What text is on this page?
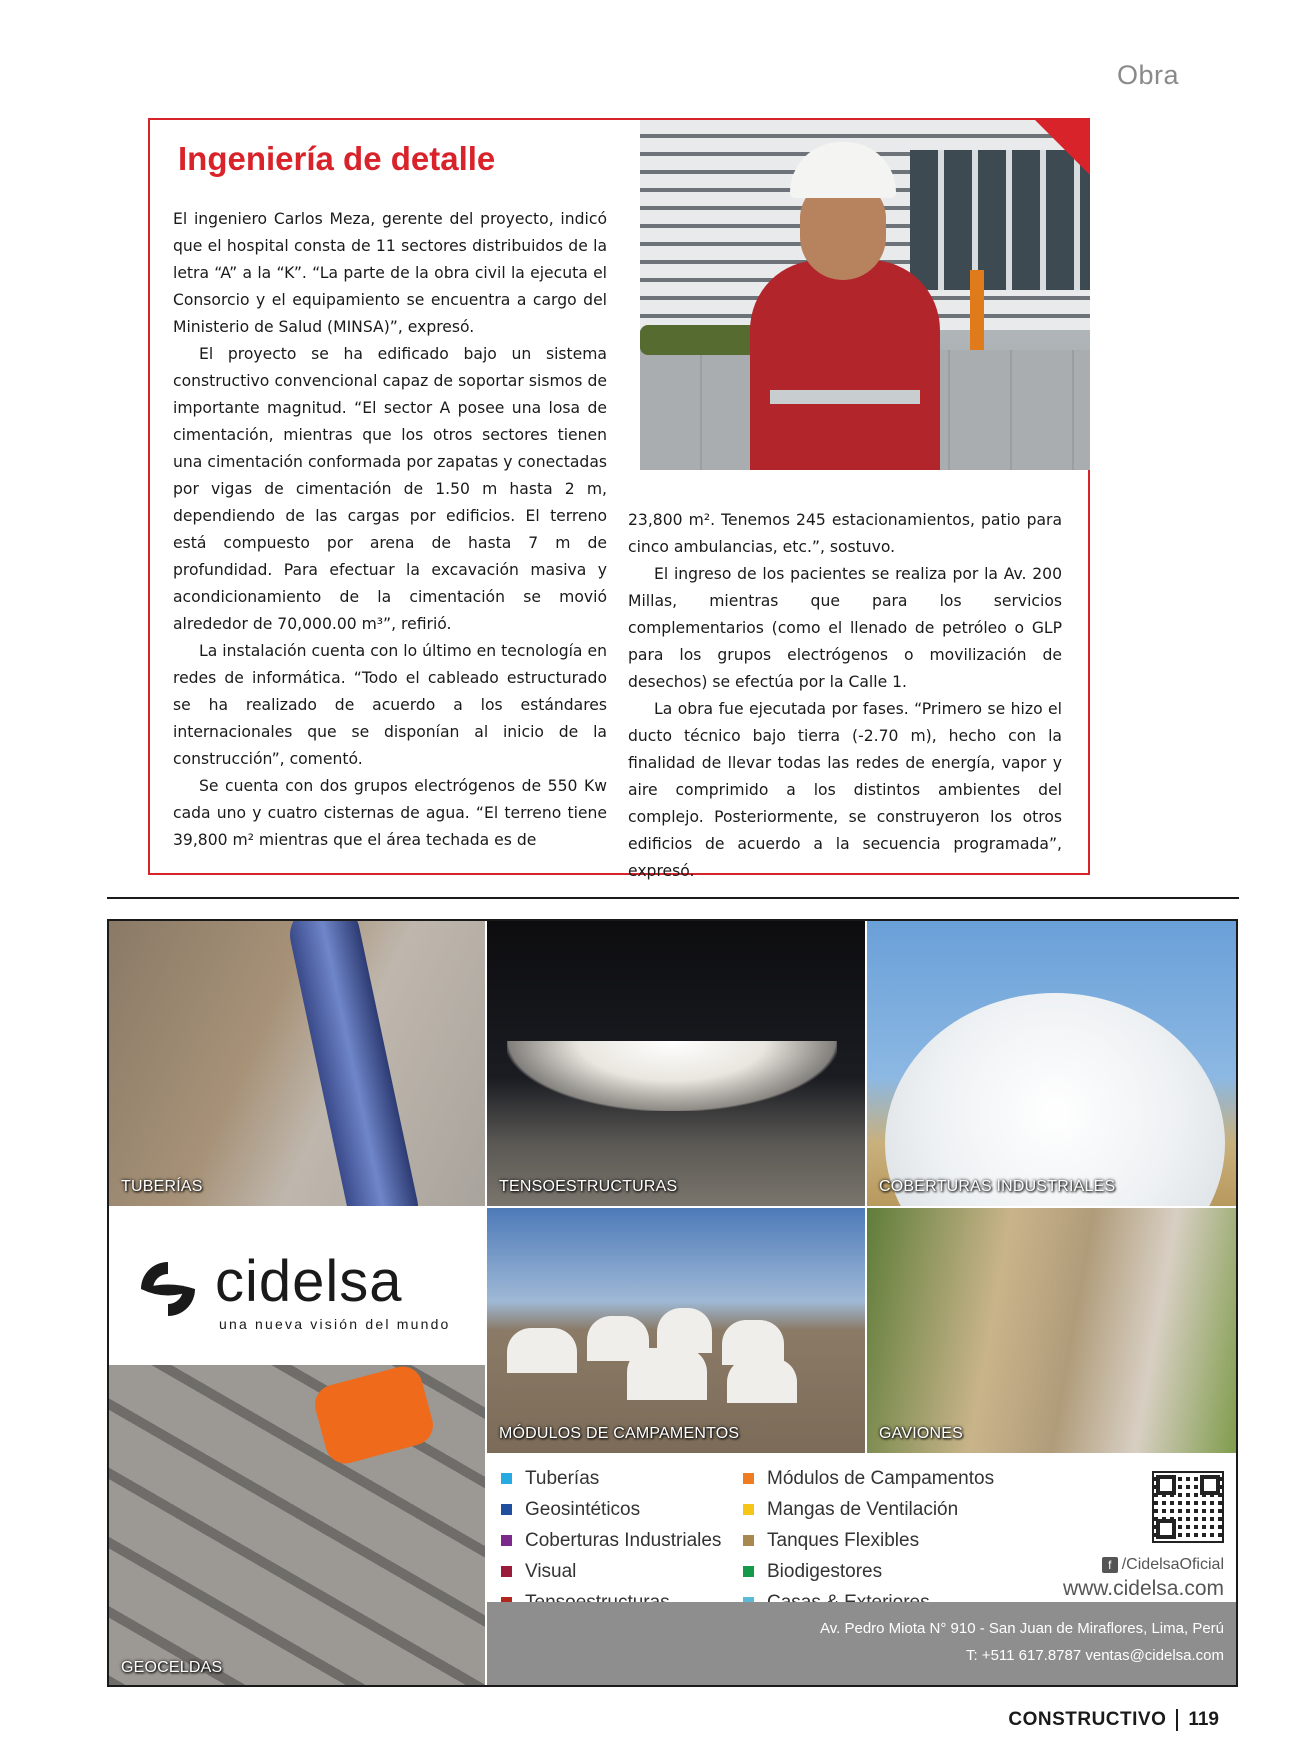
Obra
Ingeniería de detalle

El ingeniero Carlos Meza, gerente del proyecto, indicó que el hospital consta de 11 sectores distribuidos de la letra “A” a la “K”. “La parte de la obra civil la ejecuta el Consorcio y el equipamiento se encuentra a cargo del Ministerio de Salud (MINSA)”, expresó.

El proyecto se ha edificado bajo un sistema constructivo convencional capaz de soportar sismos de importante magnitud. “El sector A posee una losa de cimentación, mientras que los otros sectores tienen una cimentación conformada por zapatas y conectadas por vigas de cimentación de 1.50 m hasta 2 m, dependiendo de las cargas por edificios. El terreno está compuesto por arena de hasta 7 m de profundidad. Para efectuar la excavación masiva y acondicionamiento de la cimentación se movió alrededor de 70,000.00 m³”, refirió.

La instalación cuenta con lo último en tecnología en redes de informática. “Todo el cableado estructurado se ha realizado de acuerdo a los estándares internacionales que se disponían al inicio de la construcción”, comentó.

Se cuenta con dos grupos electrógenos de 550 Kw cada uno y cuatro cisternas de agua. “El terreno tiene 39,800 m² mientras que el área techada es de

23,800 m². Tenemos 245 estacionamientos, patio para cinco ambulancias, etc.”, sostuvo.

El ingreso de los pacientes se realiza por la Av. 200 Millas, mientras que para los servicios complementarios (como el llenado de petróleo o GLP para los grupos electrógenos o movilización de desechos) se efectúa por la Calle 1.

La obra fue ejecutada por fases. “Primero se hizo el ducto técnico bajo tierra (-2.70 m), hecho con la finalidad de llevar todas las redes de energía, vapor y aire comprimido a los distintos ambientes del complejo. Posteriormente, se construyeron los otros edificios de acuerdo a la secuencia programada”, expresó.

TUBERÍAS	TENSOESTRUCTURAS	COBERTURAS INDUSTRIALES
cidelsa
una nueva visión del mundo
MÓDULOS DE CAMPAMENTOS	GAVIONES
GEOCELDAS
Tuberías
Geosintéticos
Coberturas Industriales
Visual
Módulos de Campamentos
Mangas de Ventilación
Tanques Flexibles
Biodigestores	f /CidelsaOficial
www.cidelsa.com
Av. Pedro Miota N° 910 - San Juan de Miraflores, Lima, Perú
T: +511 617.8787 ventas@cidelsa.com
CONSTRUCTIVO 119
